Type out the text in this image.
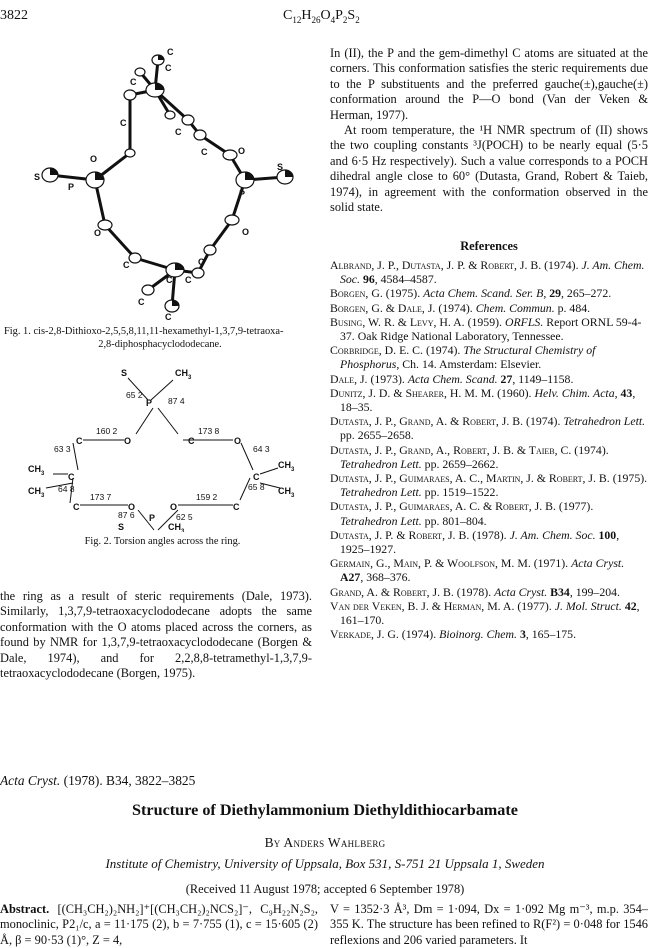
3822	$C_{12}H_{26}O_4P_2S_2$
C
C
C
C
C
C
O
O
P
P
S
S
O	O
C	C
C C
C
C
Fig. 1. cis-2,8-Dithioxo-2,5,5,8,11,11-hexamethyl-1,3,7,9-tetraoxa-
2,8-diphosphacyclododecane.
S
P
$CH_3$
O	O
C	C
C	C
$CH_3$
$CH_3$
$CH_3$
$CH_3$
C	C
O	O
P
S	$CH_3$
65 2
87 4
160 2	173 8
63 3	64 3
64 8
173 7	159 2
65 8
87 6	62 5
Fig. 2. Torsion angles across the ring.

In (II), the P and the gem-dimethyl C atoms are situated at the corners. This conformation satisfies the steric requirements due to the P substituents and the preferred gauche(±),gauche(±) conformation around the P—O bond (Van der Veken & Herman, 1977).

At room temperature, the ¹H NMR spectrum of (II) shows the two coupling constants ³J(POCH) to be nearly equal (5·5 and 6·5 Hz respectively). Such a value corresponds to a POCH dihedral angle close to 60° (Dutasta, Grand, Robert & Taieb, 1974), in agreement with the conformation observed in the solid state.

References

Albrand, J. P., Dutasta, J. P. & Robert, J. B. (1974). J. Am. Chem. Soc. 96, 4584–4587.

Borgen, G. (1975). Acta Chem. Scand. Ser. B, 29, 265–272.

Borgen, G. & Dale, J. (1974). Chem. Commun. p. 484.

Busing, W. R. & Levy, H. A. (1959). ORFLS. Report ORNL 59-4-37. Oak Ridge National Laboratory, Tennessee.

Corbridge, D. E. C. (1974). The Structural Chemistry of Phosphorus, Ch. 14. Amsterdam: Elsevier.

Dale, J. (1973). Acta Chem. Scand. 27, 1149–1158.

Dunitz, J. D. & Shearer, H. M. M. (1960). Helv. Chim. Acta, 43, 18–35.

Dutasta, J. P., Grand, A. & Robert, J. B. (1974). Tetrahedron Lett. pp. 2655–2658.

Dutasta, J. P., Grand, A., Robert, J. B. & Taieb, C. (1974). Tetrahedron Lett. pp. 2659–2662.

Dutasta, J. P., Guimaraes, A. C., Martin, J. & Robert, J. B. (1975). Tetrahedron Lett. pp. 1519–1522.

Dutasta, J. P., Guimaraes, A. C. & Robert, J. B. (1977). Tetrahedron Lett. pp. 801–804.

Dutasta, J. P. & Robert, J. B. (1978). J. Am. Chem. Soc. 100, 1925–1927.

Germain, G., Main, P. & Woolfson, M. M. (1971). Acta Cryst. A27, 368–376.

Grand, A. & Robert, J. B. (1978). Acta Cryst. B34, 199–204.

Van der Veken, B. J. & Herman, M. A. (1977). J. Mol. Struct. 42, 161–170.

Verkade, J. G. (1974). Bioinorg. Chem. 3, 165–175.

the ring as a result of steric requirements (Dale, 1973). Similarly, 1,3,7,9-tetraoxacyclododecane adopts the same conformation with the O atoms placed across the corners, as found by NMR for 1,3,7,9-tetraoxacyclododecane (Borgen & Dale, 1974), and for 2,2,8,8-tetramethyl-1,3,7,9-tetraoxacyclododecane (Borgen, 1975).

Acta Cryst. (1978). B34, 3822–3825
Structure of Diethylammonium Diethyldithiocarbamate
By Anders Wahlberg
Institute of Chemistry, University of Uppsala, Box 531, S-751 21 Uppsala 1, Sweden
(Received 11 August 1978; accepted 6 September 1978)
Abstract. [(CH₃CH₂)₂NH₂]⁺[(CH₃CH₂)₂NCS₂]⁻, C₉H₂₂N₂S₂, monoclinic, P2₁/c, a = 11·175 (2), b = 7·755 (1), c = 15·605 (2) Å, β = 90·53 (1)°, Z = 4,
V = 1352·3 Å³, Dm = 1·094, Dx = 1·092 Mg m⁻³, m.p. 354–355 K. The structure has been refined to R(F²) = 0·048 for 1546 reflexions and 206 varied parameters. It
